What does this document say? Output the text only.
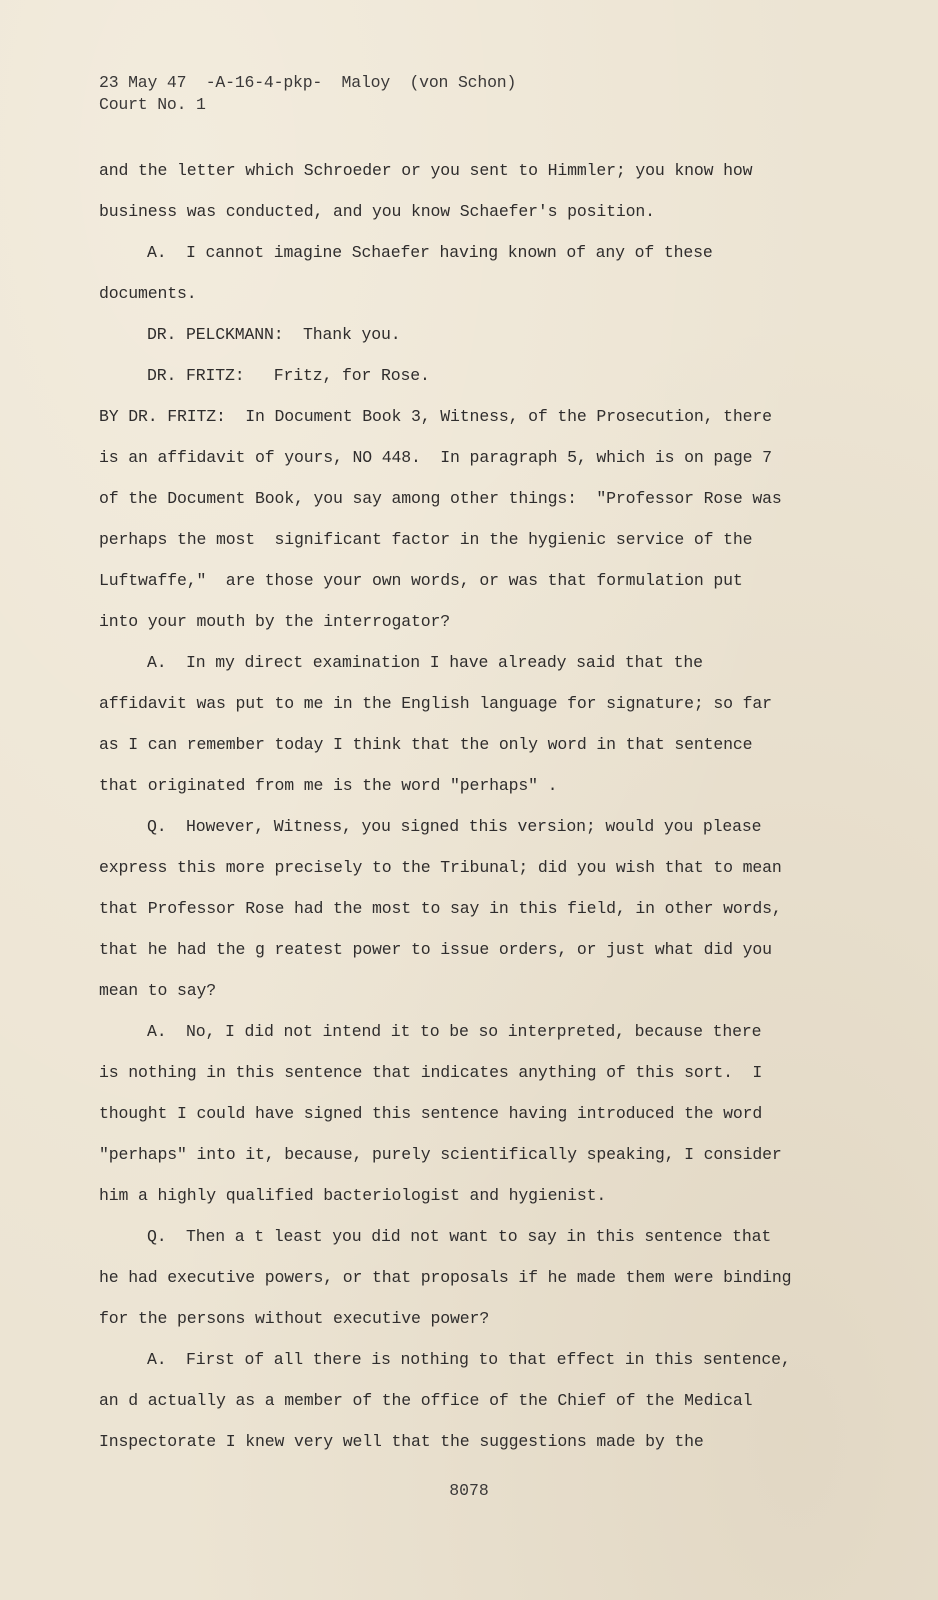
23 May 47  -A-16-4-pkp-  Maloy  (von Schon)
Court No. 1
and the letter which Schroeder or you sent to Himmler; you know how
business was conducted, and you know Schaefer's position.
A.  I cannot imagine Schaefer having known of any of these
documents.
DR. PELCKMANN:  Thank you.
DR. FRITZ:   Fritz, for Rose.
BY DR. FRITZ:  In Document Book 3, Witness, of the Prosecution, there
is an affidavit of yours, NO 448.  In paragraph 5, which is on page 7
of the Document Book, you say among other things:  "Professor Rose was
perhaps the most  significant factor in the hygienic service of the
Luftwaffe,"  are those your own words, or was that formulation put
into your mouth by the interrogator?
A.  In my direct examination I have already said that the
affidavit was put to me in the English language for signature; so far
as I can remember today I think that the only word in that sentence
that originated from me is the word "perhaps" .
Q.  However, Witness, you signed this version; would you please
express this more precisely to the Tribunal; did you wish that to mean
that Professor Rose had the most to say in this field, in other words,
that he had the g reatest power to issue orders, or just what did you
mean to say?
A.  No, I did not intend it to be so interpreted, because there
is nothing in this sentence that indicates anything of this sort.  I
thought I could have signed this sentence having introduced the word
"perhaps" into it, because, purely scientifically speaking, I consider
him a highly qualified bacteriologist and hygienist.
Q.  Then a t least you did not want to say in this sentence that
he had executive powers, or that proposals if he made them were binding
for the persons without executive power?
A.  First of all there is nothing to that effect in this sentence,
an d actually as a member of the office of the Chief of the Medical
Inspectorate I knew very well that the suggestions made by the
8078
